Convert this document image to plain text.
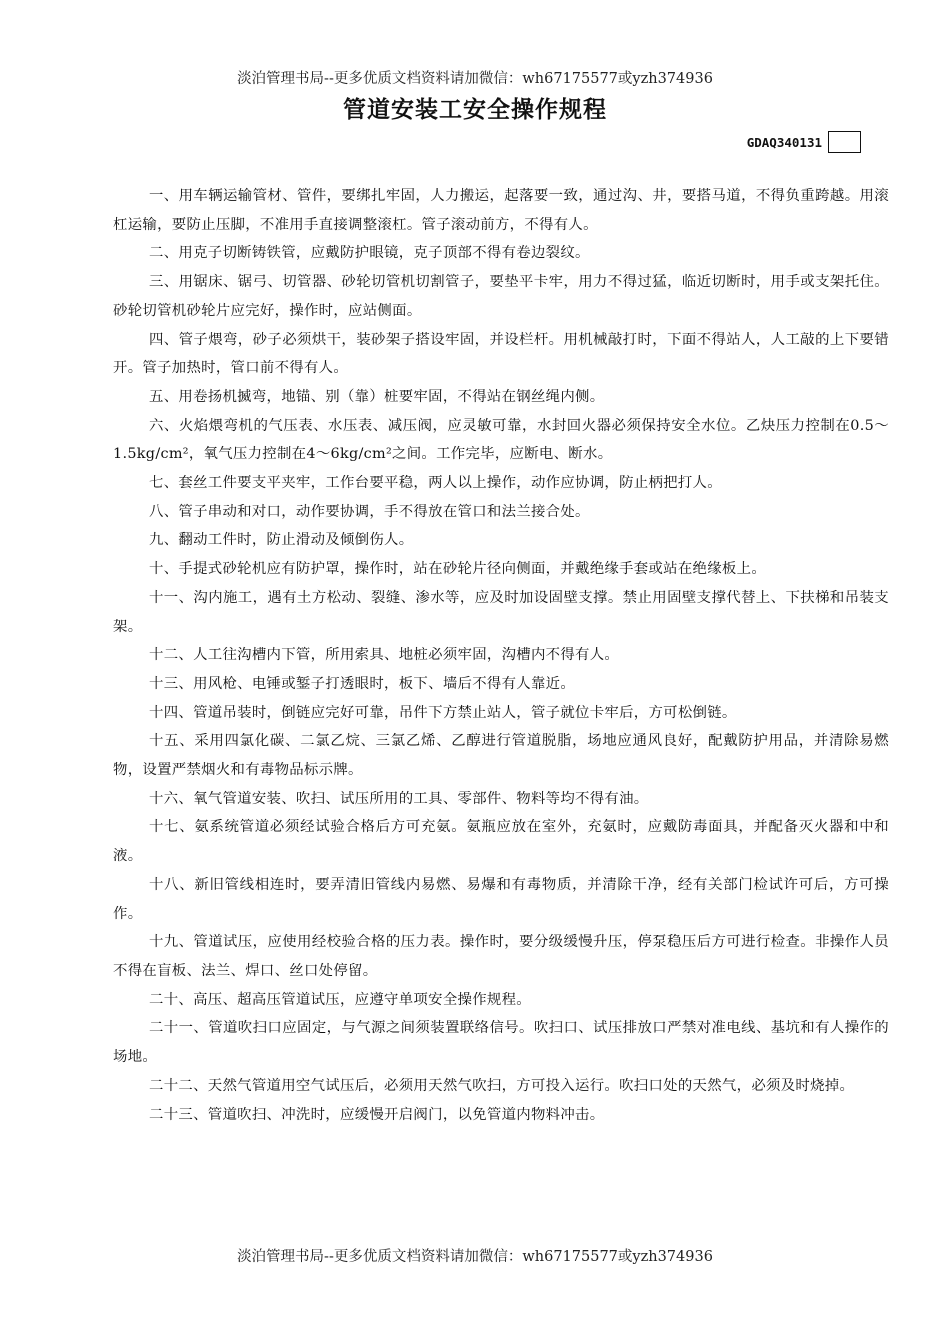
淡泊管理书局--更多优质文档资料请加微信：wh67175577或yzh374936
管道安装工安全操作规程
GDAQ340131

一、用车辆运输管材、管件，要绑扎牢固，人力搬运，起落要一致，通过沟、井，要搭马道，不得负重跨越。用滚杠运输，要防止压脚，不准用手直接调整滚杠。管子滚动前方，不得有人。

二、用克子切断铸铁管，应戴防护眼镜，克子顶部不得有卷边裂纹。

三、用锯床、锯弓、切管器、砂轮切管机切割管子，要垫平卡牢，用力不得过猛，临近切断时，用手或支架托住。砂轮切管机砂轮片应完好，操作时，应站侧面。

四、管子煨弯，砂子必须烘干，装砂架子搭设牢固，并设栏杆。用机械敲打时，下面不得站人，人工敲的上下要错开。管子加热时，管口前不得有人。

五、用卷扬机揻弯，地锚、别（靠）桩要牢固，不得站在钢丝绳内侧。

六、火焰煨弯机的气压表、水压表、减压阀，应灵敏可靠，水封回火器必须保持安全水位。乙炔压力控制在0.5～1.5kg/cm²，氧气压力控制在4～6kg/cm²之间。工作完毕，应断电、断水。

七、套丝工件要支平夹牢，工作台要平稳，两人以上操作，动作应协调，防止柄把打人。

八、管子串动和对口，动作要协调，手不得放在管口和法兰接合处。

九、翻动工件时，防止滑动及倾倒伤人。

十、手提式砂轮机应有防护罩，操作时，站在砂轮片径向侧面，并戴绝缘手套或站在绝缘板上。

十一、沟内施工，遇有土方松动、裂缝、渗水等，应及时加设固壁支撑。禁止用固壁支撑代替上、下扶梯和吊装支架。

十二、人工往沟槽内下管，所用索具、地桩必须牢固，沟槽内不得有人。

十三、用风枪、电锤或錾子打透眼时，板下、墙后不得有人靠近。

十四、管道吊装时，倒链应完好可靠，吊件下方禁止站人，管子就位卡牢后，方可松倒链。

十五、采用四氯化碳、二氯乙烷、三氯乙烯、乙醇进行管道脱脂，场地应通风良好，配戴防护用品，并清除易燃物，设置严禁烟火和有毒物品标示牌。

十六、氧气管道安装、吹扫、试压所用的工具、零部件、物料等均不得有油。

十七、氨系统管道必须经试验合格后方可充氨。氨瓶应放在室外，充氨时，应戴防毒面具，并配备灭火器和中和液。

十八、新旧管线相连时，要弄清旧管线内易燃、易爆和有毒物质，并清除干净，经有关部门检试许可后，方可操作。

十九、管道试压，应使用经校验合格的压力表。操作时，要分级缓慢升压，停泵稳压后方可进行检查。非操作人员不得在盲板、法兰、焊口、丝口处停留。

二十、高压、超高压管道试压，应遵守单项安全操作规程。

二十一、管道吹扫口应固定，与气源之间须装置联络信号。吹扫口、试压排放口严禁对准电线、基坑和有人操作的场地。

二十二、天然气管道用空气试压后，必须用天然气吹扫，方可投入运行。吹扫口处的天然气，必须及时烧掉。

二十三、管道吹扫、冲洗时，应缓慢开启阀门，以免管道内物料冲击。

淡泊管理书局--更多优质文档资料请加微信：wh67175577或yzh374936
